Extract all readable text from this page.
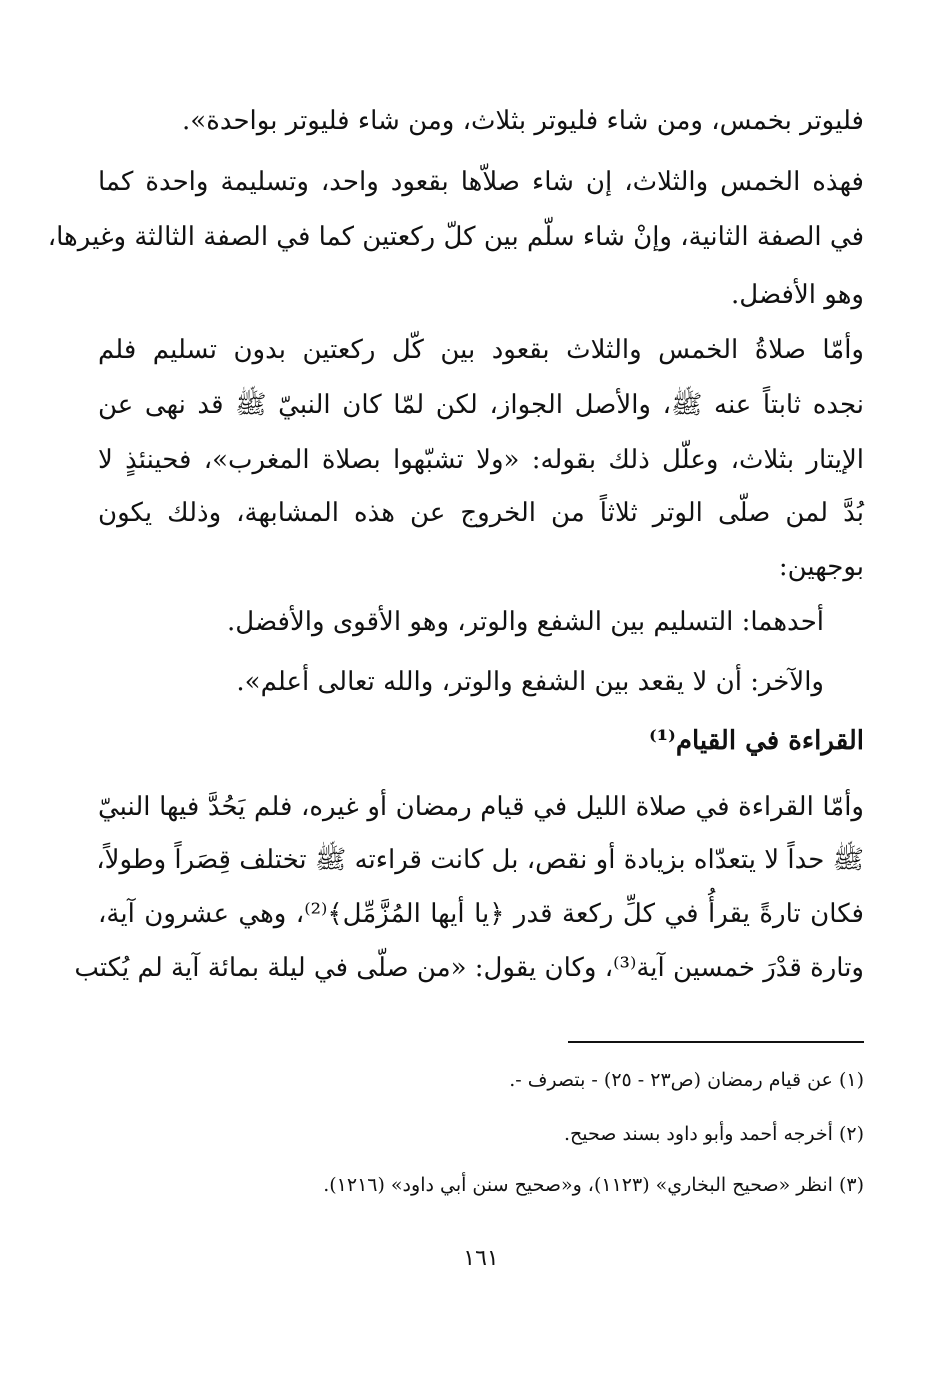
فليوتر بخمس، ومن شاء فليوتر بثلاث، ومن شاء فليوتر بواحدة».
فهذه الخمس والثلاث، إن شاء صلاّها بقعود واحد، وتسليمة واحدة كما
في الصفة الثانية، وإنْ شاء سلّم بين كلّ ركعتين كما في الصفة الثالثة وغيرها،
وهو الأفضل.
وأمّا صلاةُ الخمس والثلاث بقعود بين كّل ركعتين بدون تسليم فلم
نجده ثابتاً عنه ﷺ، والأصل الجواز، لكن لمّا كان النبيّ ﷺ قد نهى عن
الإيتار بثلاث، وعلّل ذلك بقوله: «ولا تشبّهوا بصلاة المغرب»، فحينئذٍ لا
بُدَّ لمن صلّى الوتر ثلاثاً من الخروج عن هذه المشابهة، وذلك يكون
بوجهين:
أحدهما: التسليم بين الشفع والوتر، وهو الأقوى والأفضل.
والآخر: أن لا يقعد بين الشفع والوتر، والله تعالى أعلم».
القراءة في القيام⁽¹⁾
وأمّا القراءة في صلاة الليل في قيام رمضان أو غيره، فلم يَحُدَّ فيها النبيّ
ﷺ حداً لا يتعدّاه بزيادة أو نقص، بل كانت قراءته ﷺ تختلف قِصَراً وطولاً،
فكان تارةً يقرأُ في كلِّ ركعة قدر ﴿يا أيها المُزَّمِّل﴾⁽²⁾، وهي عشرون آية،
وتارة قدْرَ خمسين آية⁽³⁾، وكان يقول: «من صلّى في ليلة بمائة آية لم يُكتب
(١) عن قيام رمضان (ص٢٣ - ٢٥) - بتصرف -.
(٢) أخرجه أحمد وأبو داود بسند صحيح.
(٣) انظر «صحيح البخاري» (١١٢٣)، و«صحيح سنن أبي داود» (١٢١٦).
١٦١
